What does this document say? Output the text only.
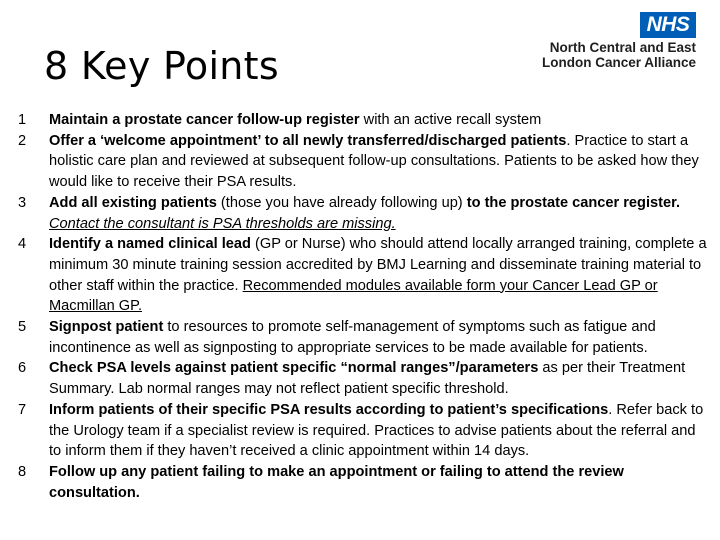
8 Key Points
NHS
North Central and East
London Cancer Alliance
1	Maintain a prostate cancer follow-up register with an active recall system
2	Offer a ‘welcome appointment’ to all newly transferred/discharged patients. Practice to start a holistic care plan and reviewed at subsequent follow-up consultations. Patients to be asked how they would like to receive their PSA results.
3	Add all existing patients (those you have already following up) to the prostate cancer register.
Contact the consultant is PSA thresholds are missing.
4	Identify a named clinical lead (GP or Nurse) who should attend locally arranged training, complete a minimum 30 minute training session accredited by BMJ Learning and disseminate training material to other staff within the practice. Recommended modules available form your Cancer Lead GP or Macmillan GP.
5	Signpost patient to resources to promote self-management of symptoms such as fatigue and incontinence as well as signposting to appropriate services to be made available for patients.
6	Check PSA levels against patient specific “normal ranges”/parameters as per their Treatment Summary. Lab normal ranges may not reflect patient specific threshold.
7	Inform patients of their specific PSA results according to patient’s specifications. Refer back to the Urology team if a specialist review is required. Practices to advise patients about the referral and to inform them if they haven’t received a clinic appointment within 14 days.
8	Follow up any patient failing to make an appointment or failing to attend the review consultation.
